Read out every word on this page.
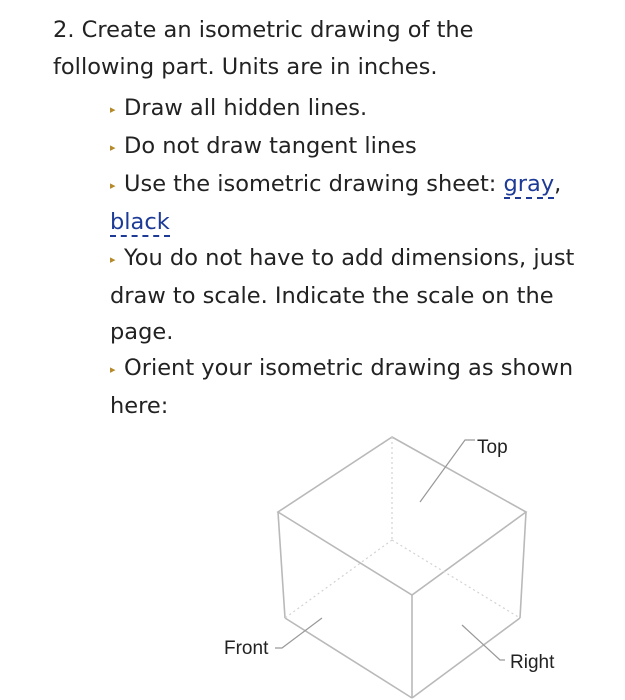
2. Create an isometric drawing of the following part. Units are in inches.

▸ Draw all hidden lines.

▸ Do not draw tangent lines

▸ Use the isometric drawing sheet: gray, black

▸ You do not have to add dimensions, just draw to scale. Indicate the scale on the page.

▸ Orient your isometric drawing as shown here:

Top
Front
Right
